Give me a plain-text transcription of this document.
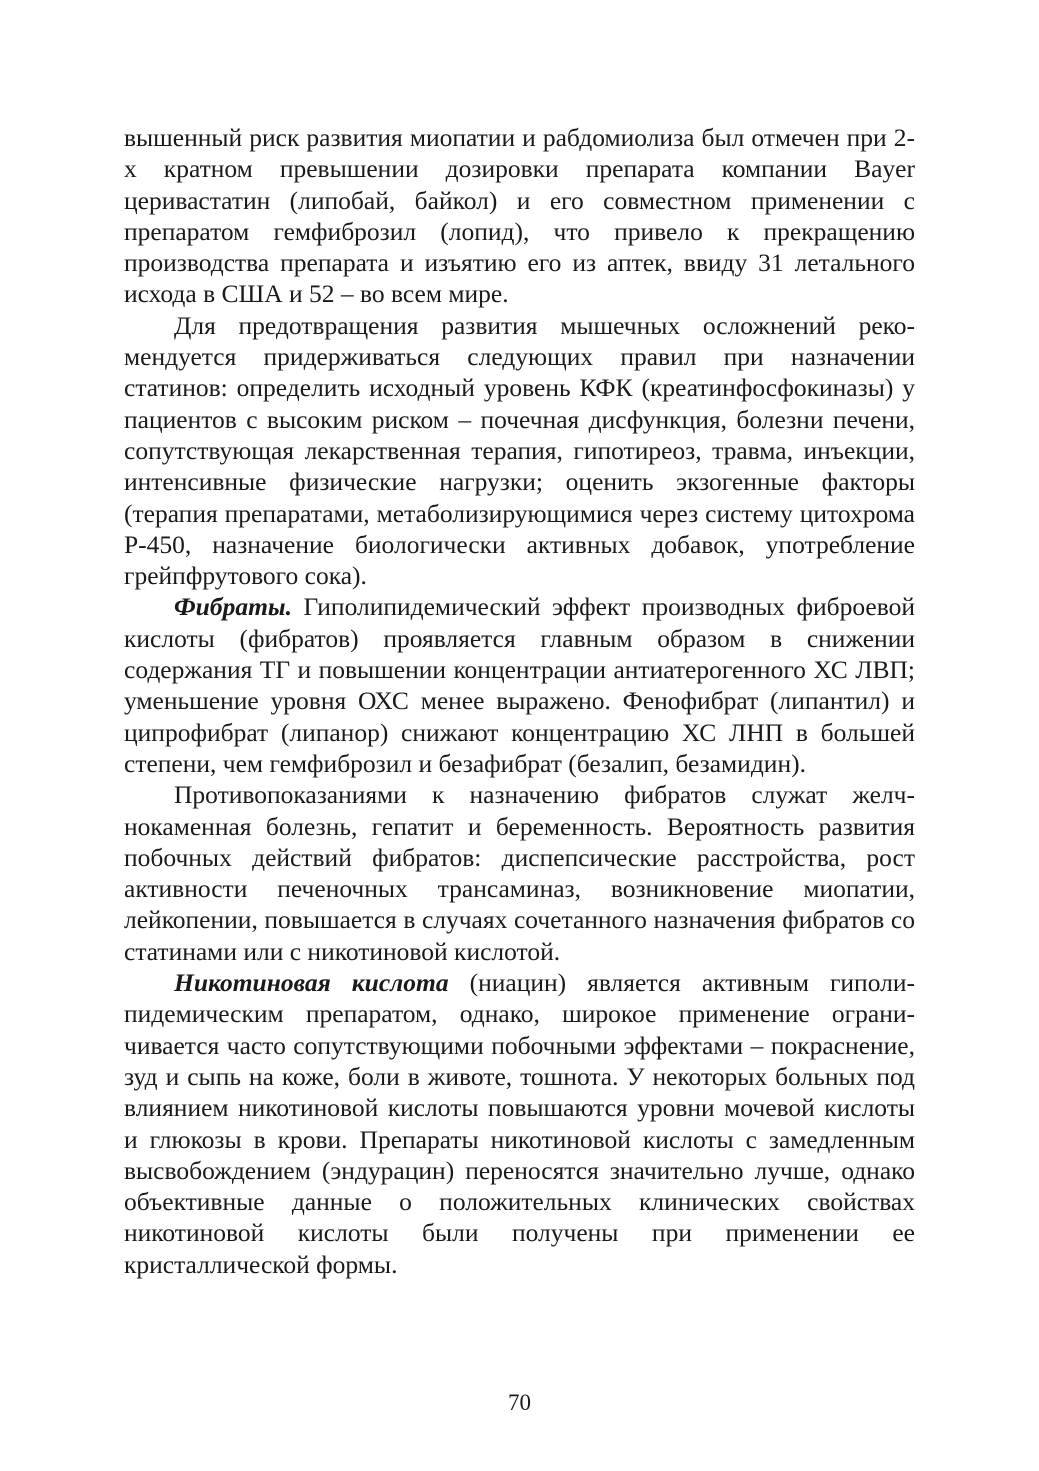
вышенный риск развития миопатии и рабдомиолиза был отмечен при 2-х кратном превышении дозировки препарата компании Bayer церивастатин (липобай, байкол) и его совместном применении с препаратом гемфиброзил (лопид), что привело к прекращению производства препарата и изъятию его из аптек, ввиду 31 летального исхода в США и 52 – во всем мире.

Для предотвращения развития мышечных осложнений рекомендуется придерживаться следующих правил при назначении статинов: определить исходный уровень КФК (креатинфосфокиназы) у пациентов с высоким риском – почечная дисфункция, болезни печени, сопутствующая лекарственная терапия, гипотиреоз, травма, инъекции, интенсивные физические нагрузки; оценить экзогенные факторы (терапия препаратами, метаболизирующимися через систему цитохрома Р-450, назначение биологически активных добавок, употребление грейпфрутового сока).

Фибраты. Гиполипидемический эффект производных фиброевой кислоты (фибратов) проявляется главным образом в снижении содержания ТГ и повышении концентрации антиатерогенного ХС ЛВП; уменьшение уровня ОХС менее выражено. Фенофибрат (липантил) и ципрофибрат (липанор) снижают концентрацию ХС ЛНП в большей степени, чем гемфиброзил и безафибрат (безалип, безамидин).

Противопоказаниями к назначению фибратов служат желчнокаменная болезнь, гепатит и беременность. Вероятность развития побочных действий фибратов: диспепсические расстройства, рост активности печеночных трансаминаз, возникновение миопатии, лейкопении, повышается в случаях сочетанного назначения фибратов со статинами или с никотиновой кислотой.

Никотиновая кислота (ниацин) является активным гиполипидемическим препаратом, однако, широкое применение ограничивается часто сопутствующими побочными эффектами – покраснение, зуд и сыпь на коже, боли в животе, тошнота. У некоторых больных под влиянием никотиновой кислоты повышаются уровни мочевой кислоты и глюкозы в крови. Препараты никотиновой кислоты с замедленным высвобождением (эндурацин) переносятся значительно лучше, однако объективные данные о положительных клинических свойствах никотиновой кислоты были получены при применении ее кристаллической формы.

70
